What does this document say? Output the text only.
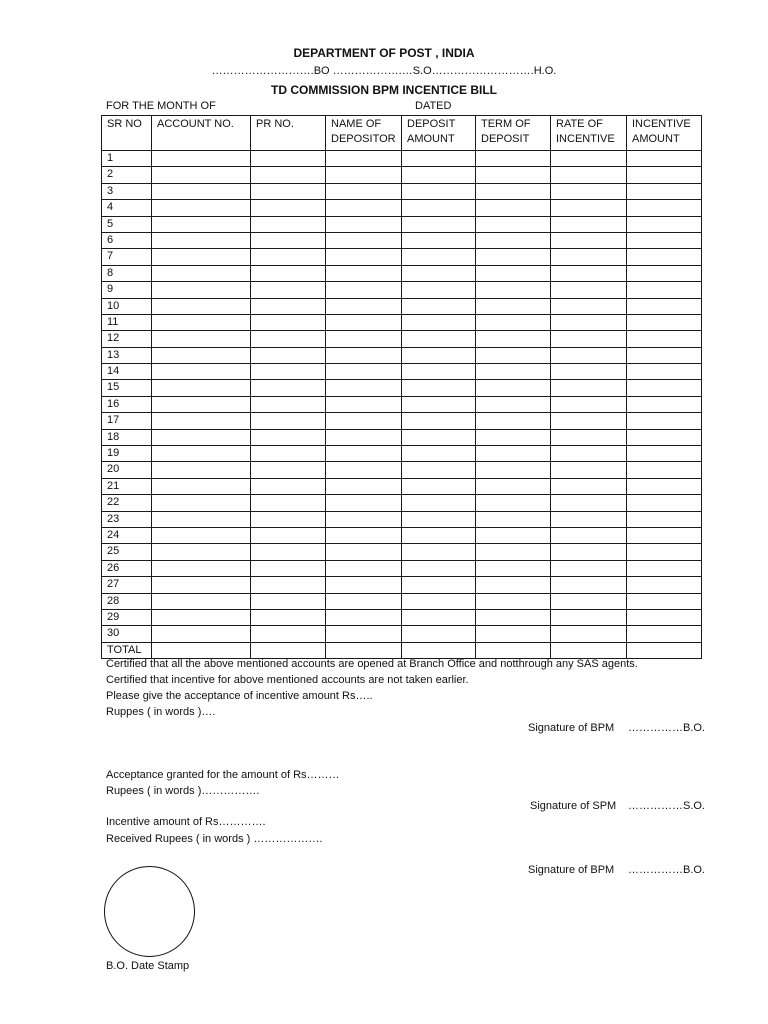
DEPARTMENT OF POST , INDIA
……………………….BO ……………….…S.O……………………….H.O.
TD COMMISSION BPM INCENTICE BILL
FOR THE MONTH OF	DATED
SR NO	ACCOUNT NO.	PR NO.	NAME OF DEPOSITOR	DEPOSIT AMOUNT	TERM OF DEPOSIT	RATE OF INCENTIVE	INCENTIVE AMOUNT
1							
2							
3							
4							
5							
6							
7							
8							
9							
10							
11							
12							
13							
14							
15							
16							
17							
18							
19							
20							
21							
22							
23							
24							
25							
26							
27							
28							
29							
30							
TOTAL							
Certified that all the above mentioned accounts are opened at Branch Office and notthrough any SAS agents.
Certified that incentive for above mentioned accounts are not taken earlier.
Please give the acceptance of incentive amount Rs…..
Ruppes ( in words )….
Signature of BPM ……………B.O.
Acceptance granted for the amount of Rs………
Rupees ( in words )…………….
Signature of SPM ……………S.O.
Incentive amount of Rs………….
Received Rupees ( in words ) ……………….
Signature of BPM ……………B.O.
B.O. Date Stamp
